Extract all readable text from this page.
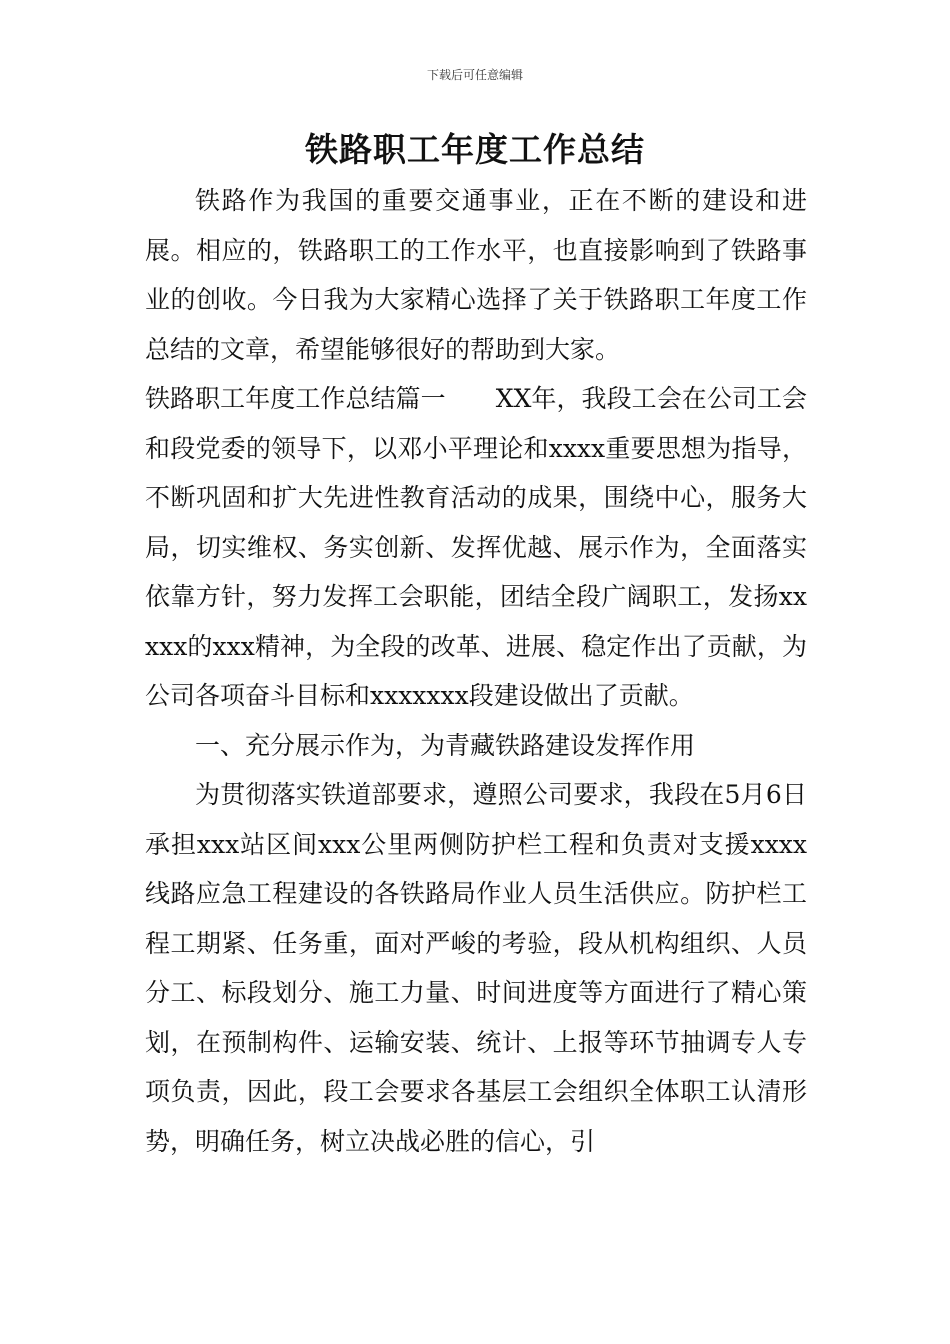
下载后可任意编辑
铁路职工年度工作总结

铁路作为我国的重要交通事业，正在不断的建设和进展。相应的，铁路职工的工作水平，也直接影响到了铁路事业的创收。今日我为大家精心选择了关于铁路职工年度工作总结的文章，希望能够很好的帮助到大家。

铁路职工年度工作总结篇一　　XX年，我段工会在公司工会和段党委的领导下，以邓小平理论和xxxx重要思想为指导，不断巩固和扩大先进性教育活动的成果，围绕中心，服务大局，切实维权、务实创新、发挥优越、展示作为，全面落实依靠方针，努力发挥工会职能，团结全段广阔职工，发扬xxxxx的xxx精神，为全段的改革、进展、稳定作出了贡献，为公司各项奋斗目标和xxxxxxx段建设做出了贡献。

一、充分展示作为，为青藏铁路建设发挥作用

为贯彻落实铁道部要求，遵照公司要求，我段在5月6日承担xxx站区间xxx公里两侧防护栏工程和负责对支援xxxx线路应急工程建设的各铁路局作业人员生活供应。防护栏工程工期紧、任务重，面对严峻的考验，段从机构组织、人员分工、标段划分、施工力量、时间进度等方面进行了精心策划，在预制构件、运输安装、统计、上报等环节抽调专人专项负责，因此，段工会要求各基层工会组织全体职工认清形势，明确任务，树立决战必胜的信心，引
